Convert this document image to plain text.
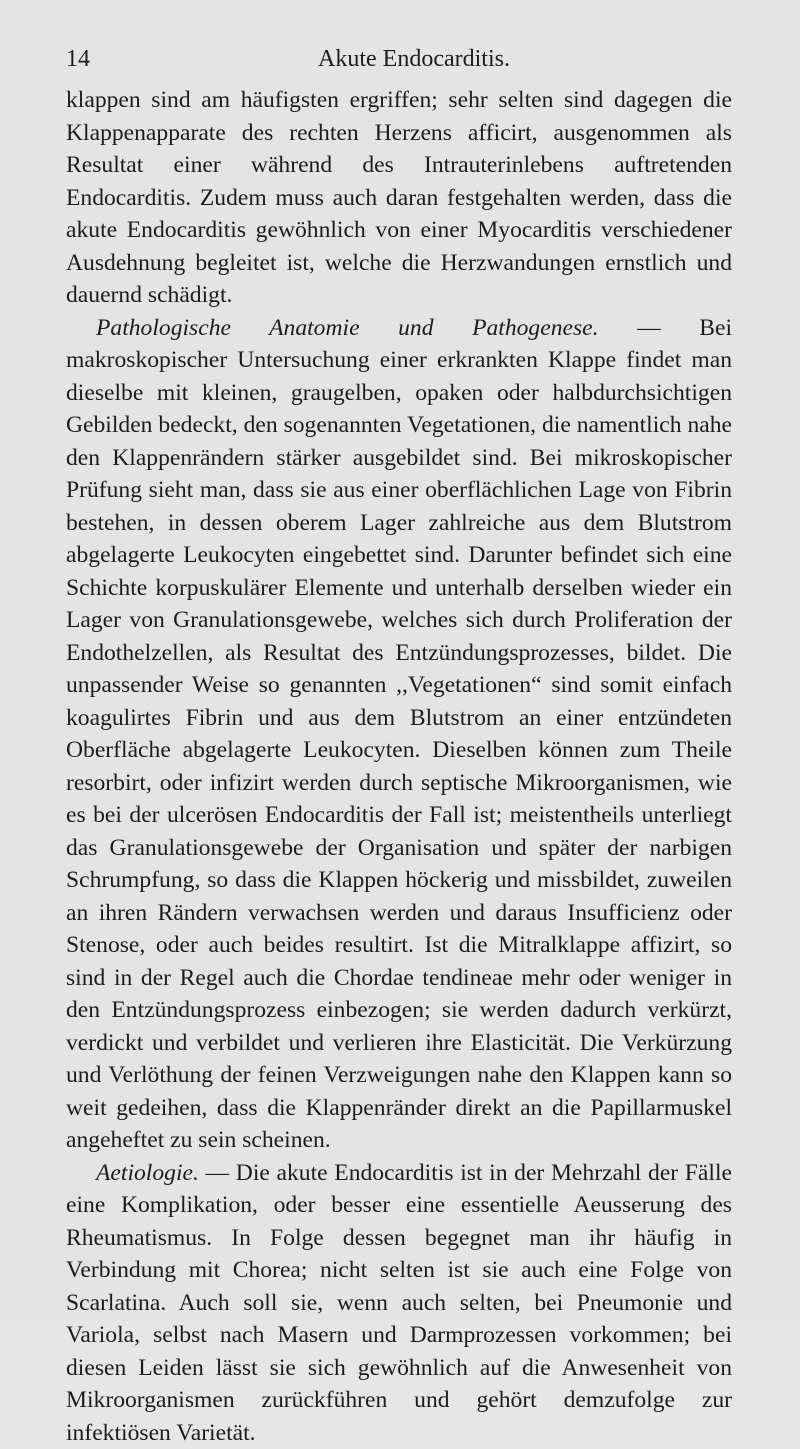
14	Akute Endocarditis.

klappen sind am häufigsten ergriffen; sehr selten sind dagegen die Klappenapparate des rechten Herzens afficirt, ausgenommen als Resultat einer während des Intrauterinlebens auftretenden Endocarditis. Zudem muss auch daran festgehalten werden, dass die akute Endocarditis gewöhnlich von einer Myocarditis verschiedener Ausdehnung begleitet ist, welche die Herzwandungen ernstlich und dauernd schädigt.

Pathologische Anatomie und Pathogenese. — Bei makroskopischer Untersuchung einer erkrankten Klappe findet man dieselbe mit kleinen, graugelben, opaken oder halbdurchsichtigen Gebilden bedeckt, den sogenannten Vegetationen, die namentlich nahe den Klappenrändern stärker ausgebildet sind. Bei mikroskopischer Prüfung sieht man, dass sie aus einer oberflächlichen Lage von Fibrin bestehen, in dessen oberem Lager zahlreiche aus dem Blutstrom abgelagerte Leukocyten eingebettet sind. Darunter befindet sich eine Schichte korpuskulärer Elemente und unterhalb derselben wieder ein Lager von Granulationsgewebe, welches sich durch Proliferation der Endothelzellen, als Resultat des Entzündungsprozesses, bildet. Die unpassender Weise so genannten ,,Vegetationen“ sind somit einfach koagulirtes Fibrin und aus dem Blutstrom an einer entzündeten Oberfläche abgelagerte Leukocyten. Dieselben können zum Theile resorbirt, oder infizirt werden durch septische Mikroorganismen, wie es bei der ulcerösen Endocarditis der Fall ist; meistentheils unterliegt das Granulationsgewebe der Organisation und später der narbigen Schrumpfung, so dass die Klappen höckerig und missbildet, zuweilen an ihren Rändern verwachsen werden und daraus Insufficienz oder Stenose, oder auch beides resultirt. Ist die Mitralklappe affizirt, so sind in der Regel auch die Chordae tendineae mehr oder weniger in den Entzündungsprozess einbezogen; sie werden dadurch verkürzt, verdickt und verbildet und verlieren ihre Elasticität. Die Verkürzung und Verlöthung der feinen Verzweigungen nahe den Klappen kann so weit gedeihen, dass die Klappenränder direkt an die Papillarmuskel angeheftet zu sein scheinen.

Aetiologie. — Die akute Endocarditis ist in der Mehrzahl der Fälle eine Komplikation, oder besser eine essentielle Aeusserung des Rheumatismus. In Folge dessen begegnet man ihr häufig in Verbindung mit Chorea; nicht selten ist sie auch eine Folge von Scarlatina. Auch soll sie, wenn auch selten, bei Pneumonie und Variola, selbst nach Masern und Darmprozessen vorkommen; bei diesen Leiden lässt sie sich gewöhnlich auf die Anwesenheit von Mikroorganismen zurückführen und gehört demzufolge zur infektiösen Varietät.
